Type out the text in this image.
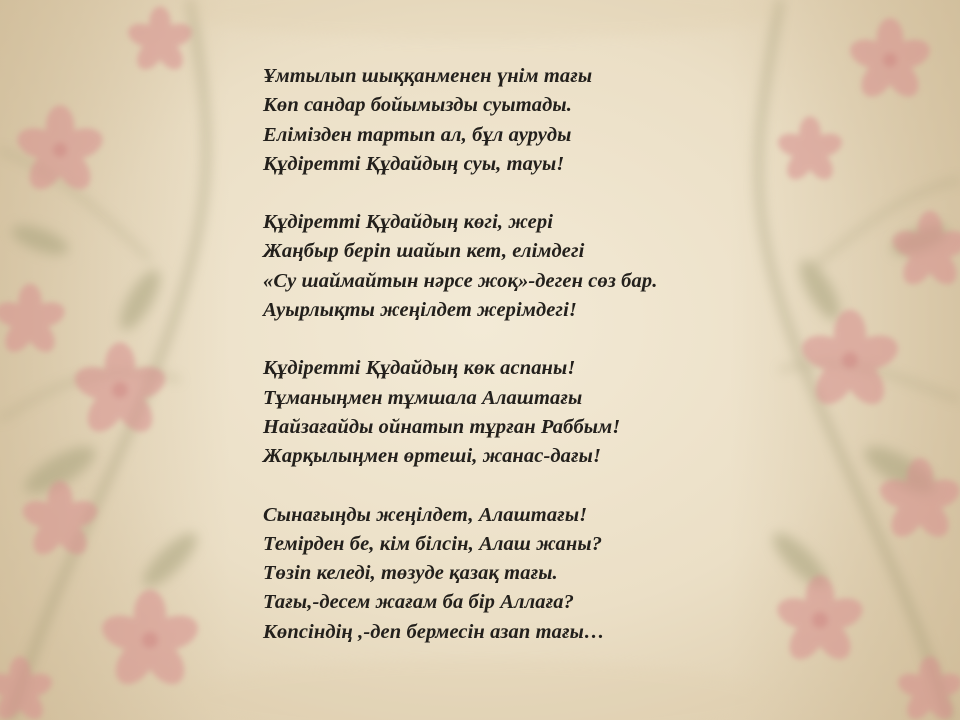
Ұмтылып шыққанменен үнім тағы
Көп сандар бойымызды суытады.
Елімізден тартып ал, бұл ауруды
Құдіретті Құдайдың суы, тауы!
Құдіретті Құдайдың көгі, жері
Жаңбыр беріп шайып кет, елімдегі
«Су шаймайтын нәрсе жоқ»-деген сөз бар.
Ауырлықты жеңілдет жерімдегі!
Құдіретті Құдайдың көк аспаны!
Тұманыңмен тұмшала Алаштағы
Найзағайды ойнатып тұрған Раббым!
Жарқылыңмен өртеші, жанас-дағы!
Сынағыңды жеңілдет, Алаштағы!
Темірден бе, кім білсін, Алаш жаны?
Төзіп келеді, төзуде қазақ тағы.
Тағы,-десем жағам ба бір Аллаға?
Көпсіндің ,-деп бермесін азап тағы…
